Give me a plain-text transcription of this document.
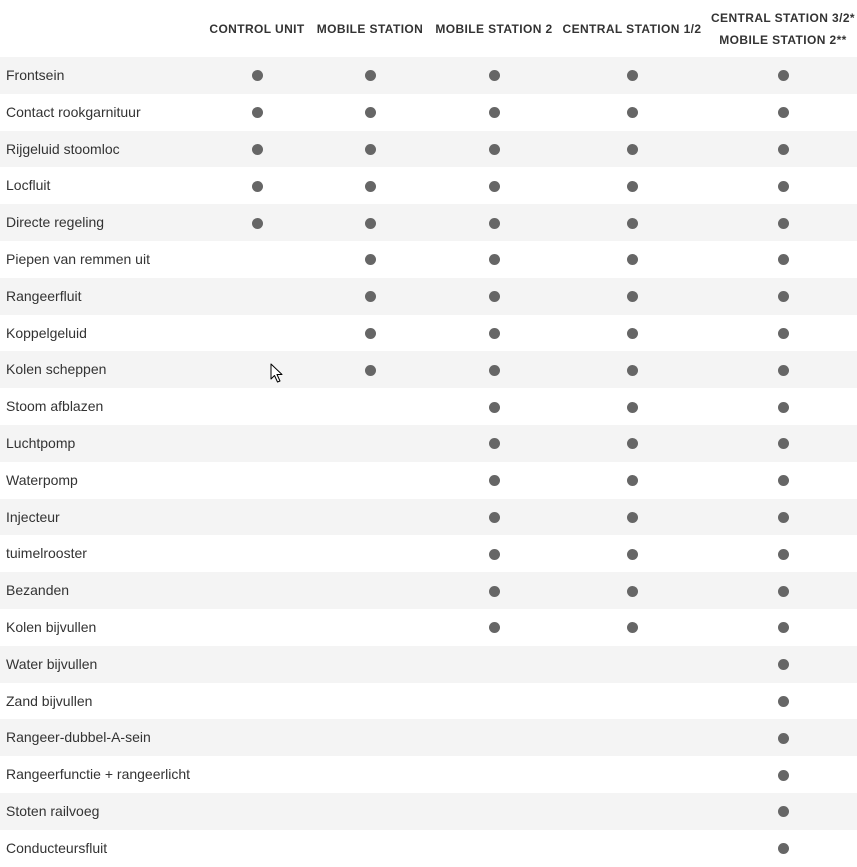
CONTROL UNIT MOBILE STATION MOBILE STATION 2 CENTRAL STATION 1/2
CENTRAL STATION 3/2*
MOBILE STATION 2**
Frontsein
Contact rookgarnituur
Rijgeluid stoomloc
Locfluit
Directe regeling
Piepen van remmen uit
Rangeerfluit
Koppelgeluid
Kolen scheppen
Stoom afblazen
Luchtpomp
Waterpomp
Injecteur
tuimelrooster
Bezanden
Kolen bijvullen
Water bijvullen
Zand bijvullen
Rangeer-dubbel-A-sein
Rangeerfunctie + rangeerlicht
Stoten railvoeg
Conducteursfluit
